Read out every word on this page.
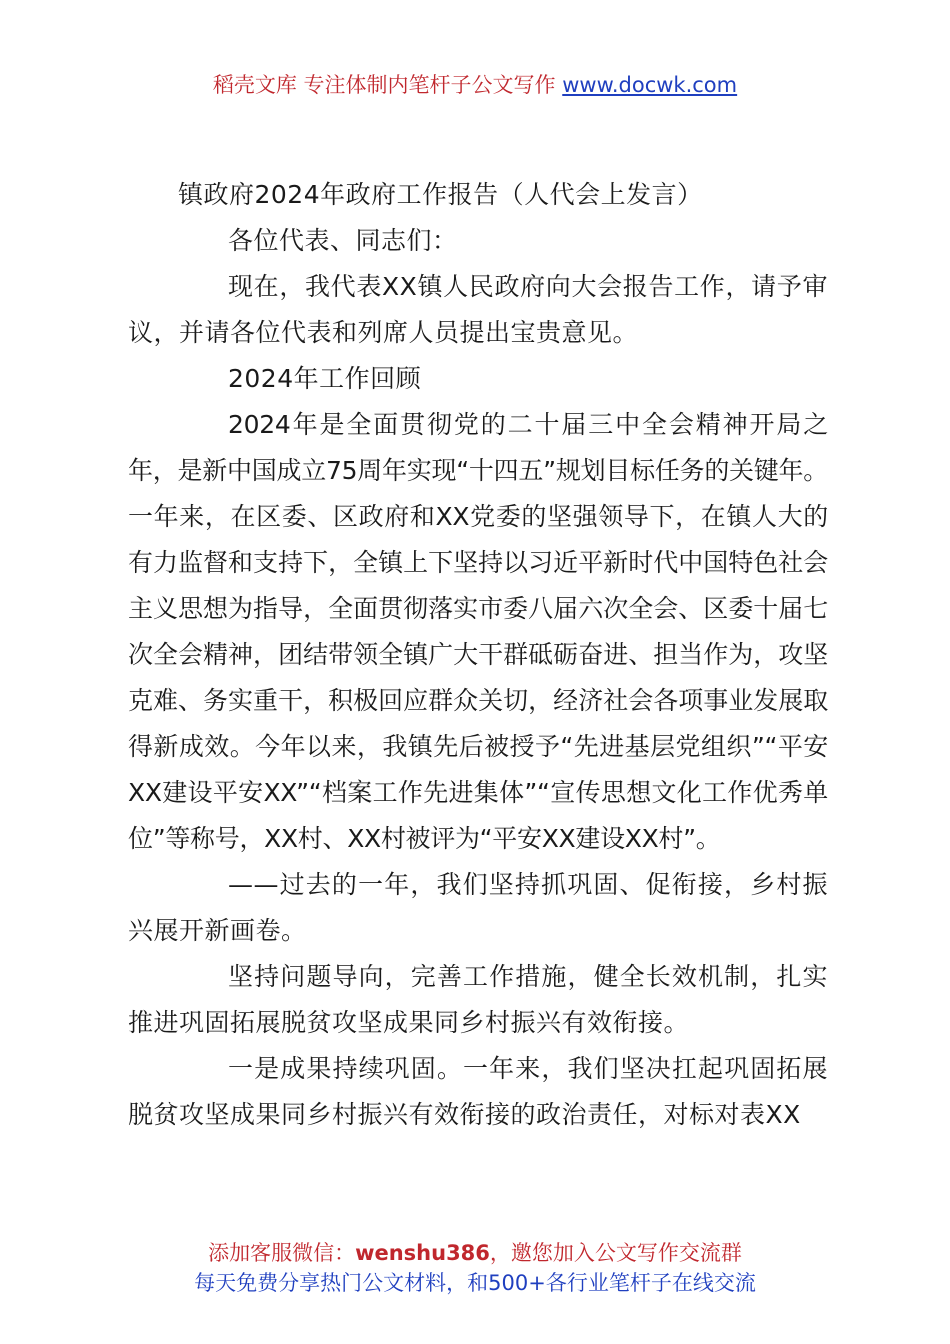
稻壳文库 专注体制内笔杆子公文写作 www.docwk.com
镇政府2024年政府工作报告（人代会上发言）

各位代表、同志们：

现在，我代表XX镇人民政府向大会报告工作，请予审议，并请各位代表和列席人员提出宝贵意见。

2024年工作回顾

2024年是全面贯彻党的二十届三中全会精神开局之年，是新中国成立75周年实现“十四五”规划目标任务的关键年。一年来，在区委、区政府和XX党委的坚强领导下，在镇人大的有力监督和支持下，全镇上下坚持以习近平新时代中国特色社会主义思想为指导，全面贯彻落实市委八届六次全会、区委十届七次全会精神，团结带领全镇广大干群砥砺奋进、担当作为，攻坚克难、务实重干，积极回应群众关切，经济社会各项事业发展取得新成效。今年以来，我镇先后被授予“先进基层党组织”“平安XX建设平安XX”“档案工作先进集体”“宣传思想文化工作优秀单位”等称号，XX村、XX村被评为“平安XX建设XX村”。

——过去的一年，我们坚持抓巩固、促衔接，乡村振兴展开新画卷。

坚持问题导向，完善工作措施，健全长效机制，扎实推进巩固拓展脱贫攻坚成果同乡村振兴有效衔接。

一是成果持续巩固。一年来，我们坚决扛起巩固拓展脱贫攻坚成果同乡村振兴有效衔接的政治责任，对标对表XX

添加客服微信：wenshu386，邀您加入公文写作交流群
每天免费分享热门公文材料，和500+各行业笔杆子在线交流
